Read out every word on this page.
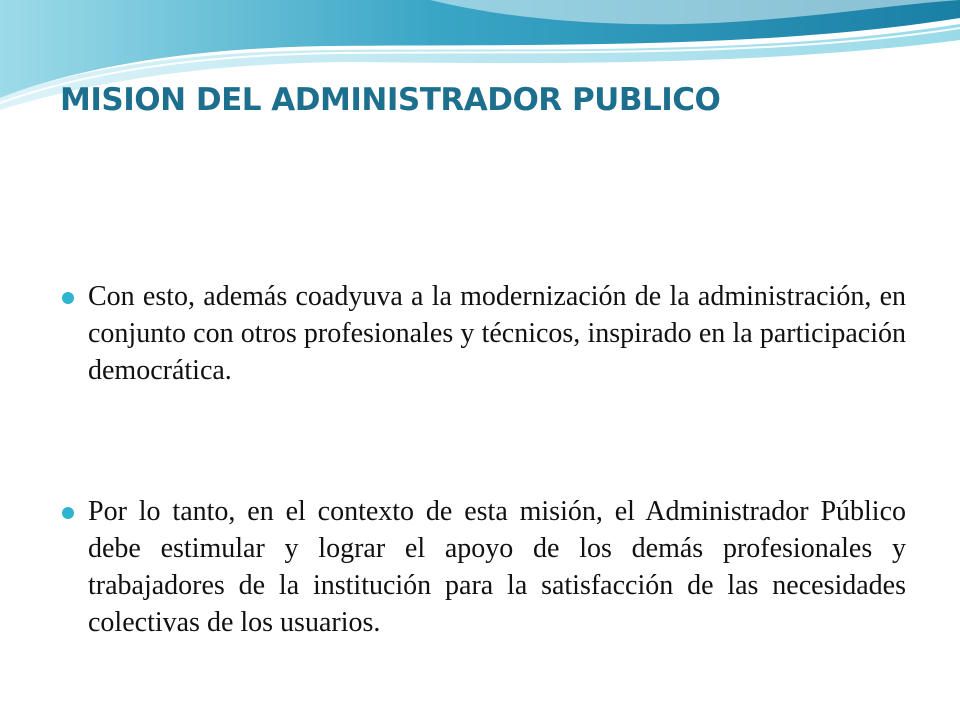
MISION DEL ADMINISTRADOR PUBLICO
Con esto, además coadyuva a la modernización de la administración, en conjunto con otros profesionales y técnicos, inspirado en la participación democrática.
Por lo tanto, en el contexto de esta misión, el Administrador Público debe estimular y lograr el apoyo de los demás profesionales y trabajadores de la institución para la satisfacción de las necesidades colectivas de los usuarios.
